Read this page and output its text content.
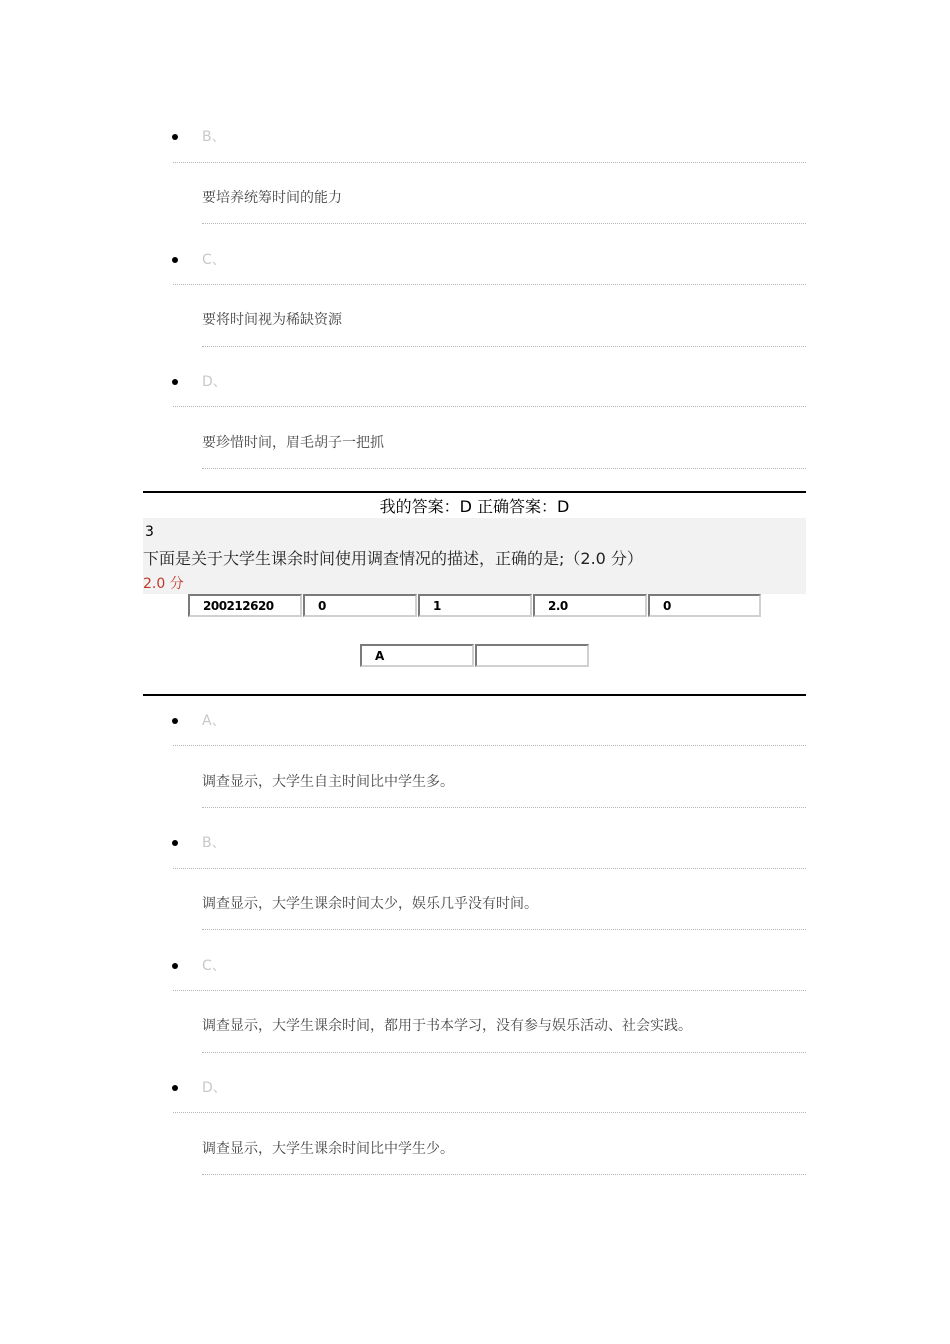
B、
要培养统筹时间的能力
C、
要将时间视为稀缺资源
D、
要珍惜时间，眉毛胡子一把抓
我的答案：D 正确答案：D
3
下面是关于大学生课余时间使用调查情况的描述，正确的是;（2.0 分）
2.0 分
20021262​0	0	1	2.0	0
A
A、
调查显示，大学生自主时间比中学生多。
B、
调查显示，大学生课余时间太少，娱乐几乎没有时间。
C、
调查显示，大学生课余时间，都用于书本学习，没有参与娱乐活动、社会实践。
D、
调查显示，大学生课余时间比中学生少。
